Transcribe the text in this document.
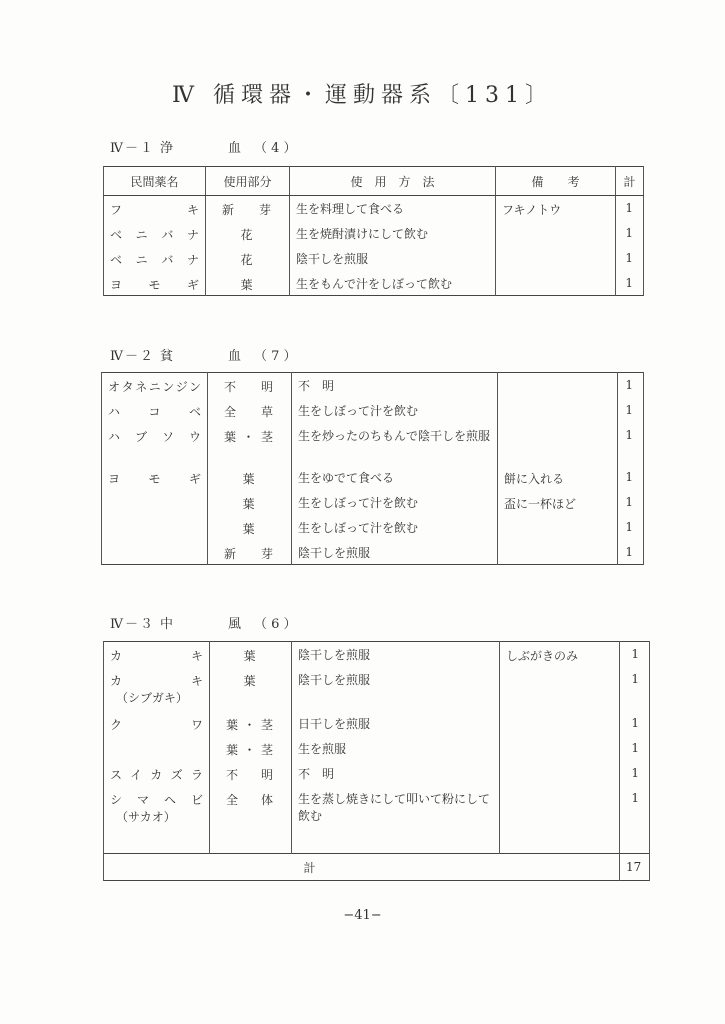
Ⅳ 循環器・運動器系〔131〕
Ⅳ－１ 浄	血 （ 4 ）
民間薬名	使用部分	使　用　方　法	備　　考	計

フキ	新芽	生を料理して食べる	フキノトウ	1

ベニバナ	花	生を焼酎漬けにして飲む		1

ベニバナ	花	陰干しを煎服		1

ヨモギ	葉	生をもんで汁をしぼって飲む		1
Ⅳ－２ 貧	血 （ 7 ）
オタネニンジン	不明	不　明		1

ハコベ	全草	生をしぼって汁を飲む		1

ハブソウ	葉・茎	生を炒ったのちもんで陰干しを煎服		1

ヨモギ	葉	生をゆでて食べる	餅に入れる	1

	葉	生をしぼって汁を飲む	盃に一杯ほど	1

	葉	生をしぼって汁を飲む		1

	新芽	陰干しを煎服		1
Ⅳ－３ 中	風 （ 6 ）
カキ	葉	陰干しを煎服	しぶがきのみ	1

カキ
（シブガキ）	葉	陰干しを煎服		1

クワ	葉・茎	日干しを煎服		1

	葉・茎	生を煎服		1

スイカズラ	不明	不　明		1

シマヘビ
（サカオ）	全体	生を蒸し焼きにして叩いて粉にして飲む		1

計				17
−41−
